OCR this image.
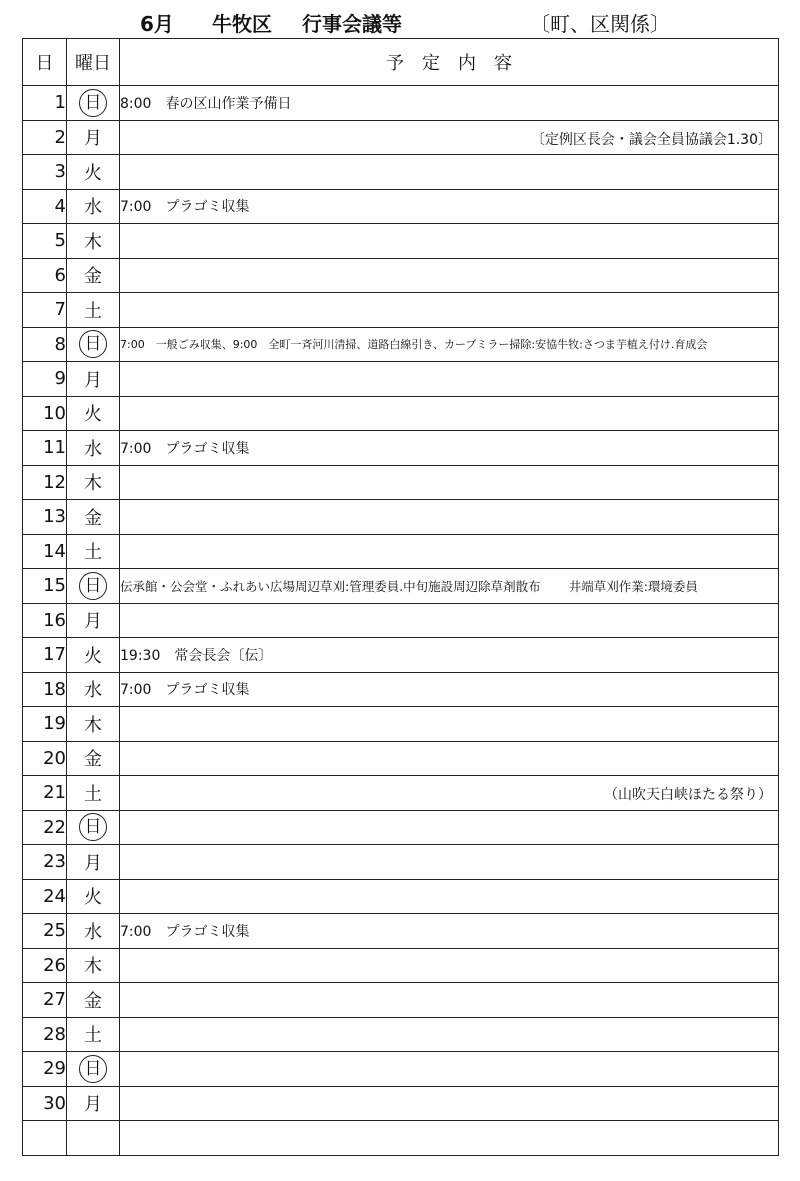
6月 牛牧区 行事会議等	〔町、区関係〕
日	曜日	予　定　内　容
1	日	8:00　春の区山作業予備日
2	月	〔定例区長会・議会全員協議会1.30〕

3	火	
4	水	7:00　プラゴミ収集
5	木	
6	金	
7	土	
8	日	7:00　一般ごみ収集、9:00　全町一斉河川清掃、道路白線引き、カーブミラー掃除:安協牛牧:さつま芋植え付け.育成会
9	月	
10	火	
11	水	7:00　プラゴミ収集
12	木	
13	金	
14	土	
15	日	伝承館・公会堂・ふれあい広場周辺草刈:管理委員.中旬施設周辺除草剤散布 井端草刈作業:環境委員
16	月	
17	火	19:30　常会長会〔伝〕
18	水	7:00　プラゴミ収集
19	木	
20	金	
21	土	（山吹天白峡ほたる祭り）

22	日	
23	月	
24	火	
25	水	7:00　プラゴミ収集
26	木	
27	金	
28	土	
29	日	
30	月	
